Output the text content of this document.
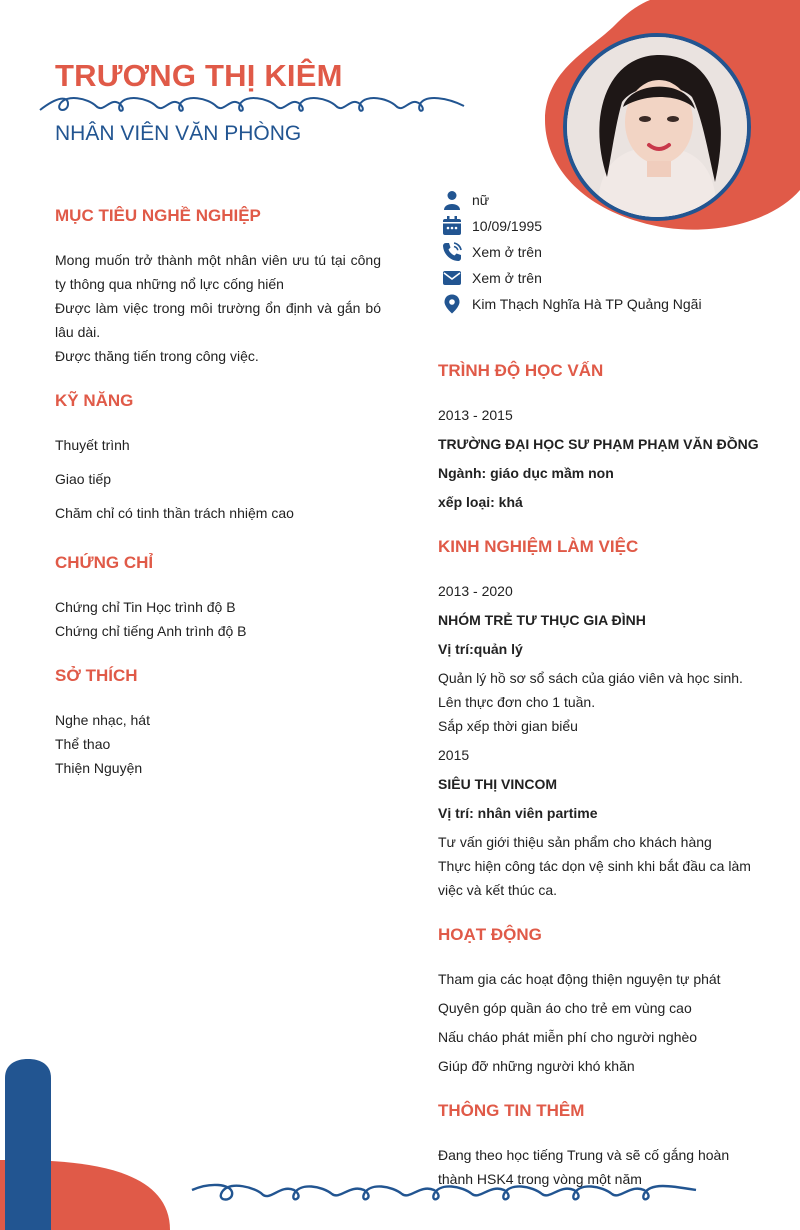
TRƯƠNG THỊ KIÊM
NHÂN VIÊN VĂN PHÒNG
nữ
10/09/1995
Xem ở trên
Xem ở trên
Kim Thạch Nghĩa Hà TP Quảng Ngãi
MỤC TIÊU NGHỀ NGHIỆP
Mong muốn trở thành một nhân viên ưu tú tại công ty thông qua những nổ lực cống hiến
Được làm việc trong môi trường ổn định và gắn bó lâu dài.
Được thăng tiến trong công việc.
KỸ NĂNG
Thuyết trình
Giao tiếp
Chăm chỉ có tinh thần trách nhiệm cao
CHỨNG CHỈ
Chứng chỉ Tin Học trình độ B
Chứng chỉ tiếng Anh trình độ B
SỞ THÍCH
Nghe nhạc, hát
Thể thao
Thiện Nguyện
TRÌNH ĐỘ HỌC VẤN
2013 - 2015
TRƯỜNG ĐẠI HỌC SƯ PHẠM PHẠM VĂN ĐỒNG
Ngành: giáo dục mầm non
xếp loại: khá
KINH NGHIỆM LÀM VIỆC
2013 - 2020
NHÓM TRẺ TƯ THỤC GIA ĐÌNH
Vị trí:quản lý
Quản lý hồ sơ sổ sách của giáo viên và học sinh.
Lên thực đơn cho 1 tuần.
Sắp xếp thời gian biểu
2015
SIÊU THỊ VINCOM
Vị trí: nhân viên partime
Tư vấn giới thiệu sản phẩm cho khách hàng
Thực hiện công tác dọn vệ sinh khi bắt đầu ca làm việc và kết thúc ca.
HOẠT ĐỘNG
Tham gia các hoạt động thiện nguyện tự phát
Quyên góp quần áo cho trẻ em vùng cao
Nấu cháo phát miễn phí cho người nghèo
Giúp đỡ những người khó khăn
THÔNG TIN THÊM
Đang theo học tiếng Trung và sẽ cố gắng hoàn thành HSK4 trong vòng một năm
